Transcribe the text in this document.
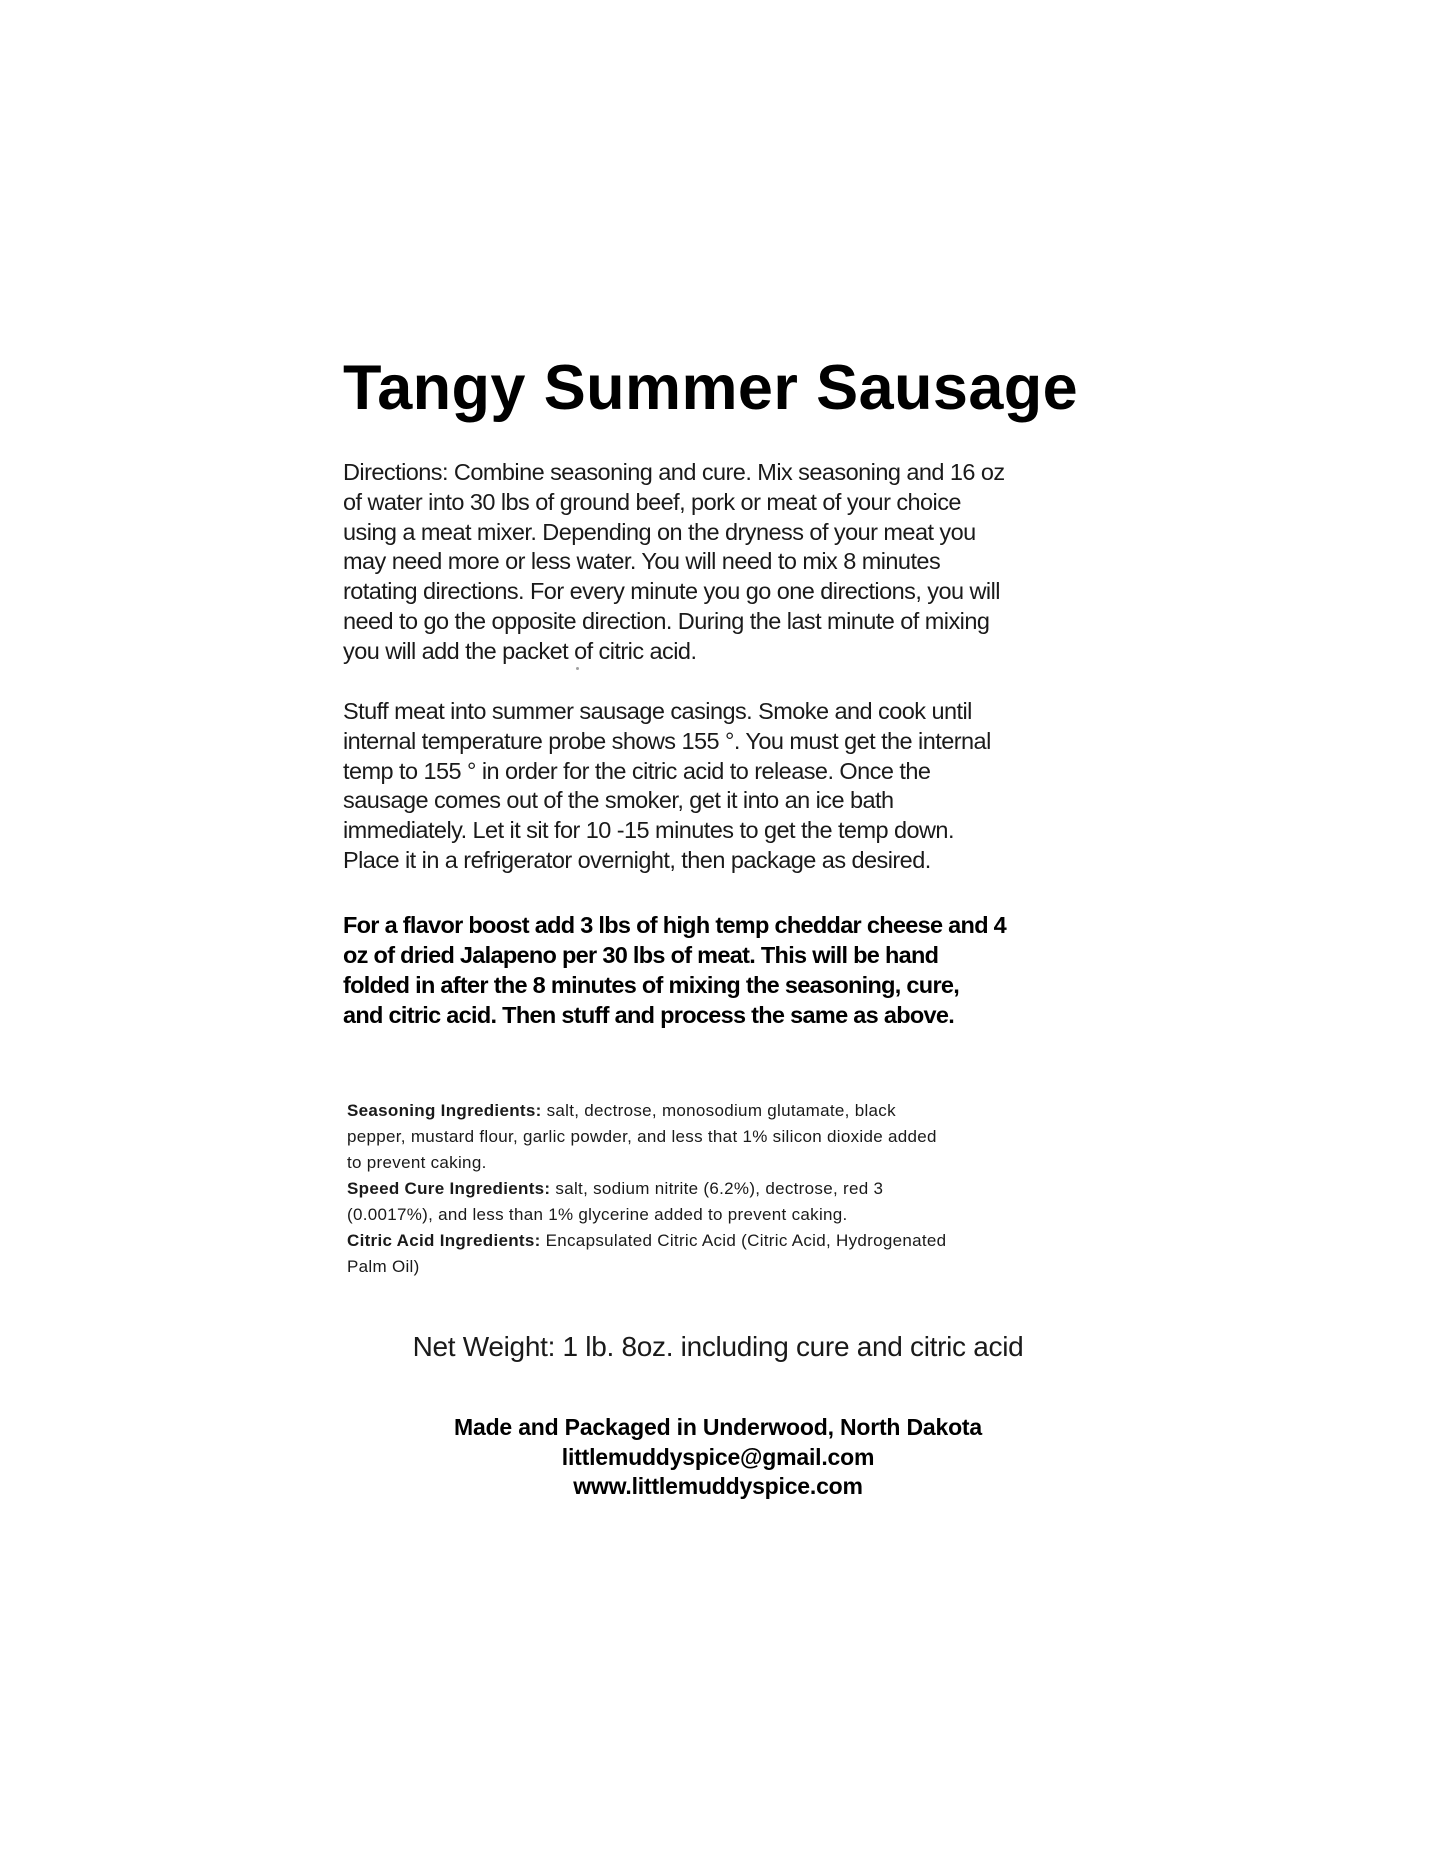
Tangy Summer Sausage
Directions: Combine seasoning and cure. Mix seasoning and 16 oz
of water into 30 lbs of ground beef, pork or meat of your choice
using a meat mixer. Depending on the dryness of your meat you
may need more or less water. You will need to mix 8 minutes
rotating directions. For every minute you go one directions, you will
need to go the opposite direction. During the last minute of mixing
you will add the packet of citric acid.
Stuff meat into summer sausage casings. Smoke and cook until
internal temperature probe shows 155 °. You must get the internal
temp to 155 ° in order for the citric acid to release. Once the
sausage comes out of the smoker, get it into an ice bath
immediately. Let it sit for 10 -15 minutes to get the temp down.
Place it in a refrigerator overnight, then package as desired.
For a flavor boost add 3 lbs of high temp cheddar cheese and 4
oz of dried Jalapeno per 30 lbs of meat. This will be hand
folded in after the 8 minutes of mixing the seasoning, cure,
and citric acid. Then stuff and process the same as above.
Seasoning Ingredients: salt, dectrose, monosodium glutamate, black
pepper, mustard flour, garlic powder, and less that 1% silicon dioxide added
to prevent caking.
Speed Cure Ingredients: salt, sodium nitrite (6.2%), dectrose, red 3
(0.0017%), and less than 1% glycerine added to prevent caking.
Citric Acid Ingredients: Encapsulated Citric Acid (Citric Acid, Hydrogenated
Palm Oil)
Net Weight: 1 lb. 8oz. including cure and citric acid
Made and Packaged in Underwood, North Dakota
littlemuddyspice@gmail.com
www.littlemuddyspice.com
